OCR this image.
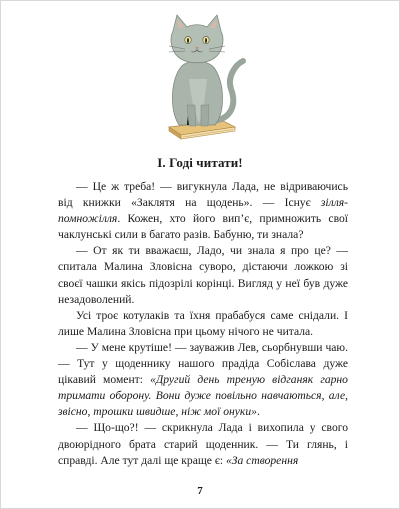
I. Годі читати!

— Це ж треба! — вигукнула Лада, не відриваючись від книжки «Заклятя на щодень». — Існує зілля-помножілля. Кожен, хто його вип’є, примножить свої чаклунські сили в багато разів. Бабуню, ти знала?

— От як ти вважаєш, Ладо, чи знала я про це? — спитала Малина Зловісна суворо, дістаючи ложкою зі своєї чашки якісь підозрілі корінці. Вигляд у неї був дуже незадоволений.

Усі троє котулаків та їхня прабабуся саме снідали. І лише Малина Зловісна при цьому нічого не читала.

— У мене крутіше! — зауважив Лев, сьорбнувши чаю. — Тут у щоденнику нашого прадіда Собіслава дуже цікавий момент: «Другий день треную відганяк гарно тримати оборону. Вони дуже повільно навчаються, але, звісно, трошки швидше, ніж мої онуки».

— Що-що?! — скрикнула Лада і вихопила у свого двоюрідного брата старий щоденник. — Ти глянь, і справді. Але тут далі ще краще є: «За створення

7
